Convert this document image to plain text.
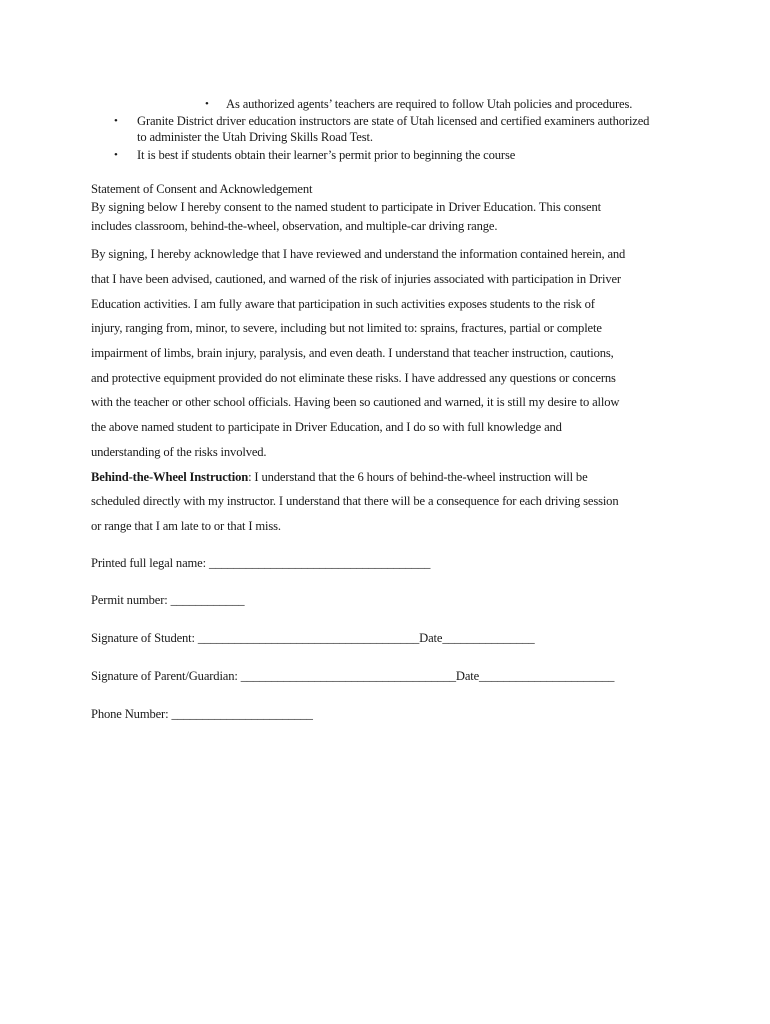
• As authorized agents’ teachers are required to follow Utah policies and procedures.
• Granite District driver education instructors are state of Utah licensed and certified examiners authorized to administer the Utah Driving Skills Road Test.
• It is best if students obtain their learner’s permit prior to beginning the course
Statement of Consent and Acknowledgement
By signing below I hereby consent to the named student to participate in Driver Education. This consent
includes classroom, behind-the-wheel, observation, and multiple-car driving range.
By signing, I hereby acknowledge that I have reviewed and understand the information contained herein, and
that I have been advised, cautioned, and warned of the risk of injuries associated with participation in Driver
Education activities. I am fully aware that participation in such activities exposes students to the risk of
injury, ranging from, minor, to severe, including but not limited to: sprains, fractures, partial or complete
impairment of limbs, brain injury, paralysis, and even death. I understand that teacher instruction, cautions,
and protective equipment provided do not eliminate these risks. I have addressed any questions or concerns
with the teacher or other school officials. Having been so cautioned and warned, it is still my desire to allow
the above named student to participate in Driver Education, and I do so with full knowledge and
understanding of the risks involved.
Behind-the-Wheel Instruction: I understand that the 6 hours of behind-the-wheel instruction will be
scheduled directly with my instructor. I understand that there will be a consequence for each driving session
or range that I am late to or that I miss.
Printed full legal name: ____________________________________
Permit number: ____________
Signature of Student: ____________________________________Date_______________
Signature of Parent/Guardian: ___________________________________Date______________________
Phone Number: _______________________
